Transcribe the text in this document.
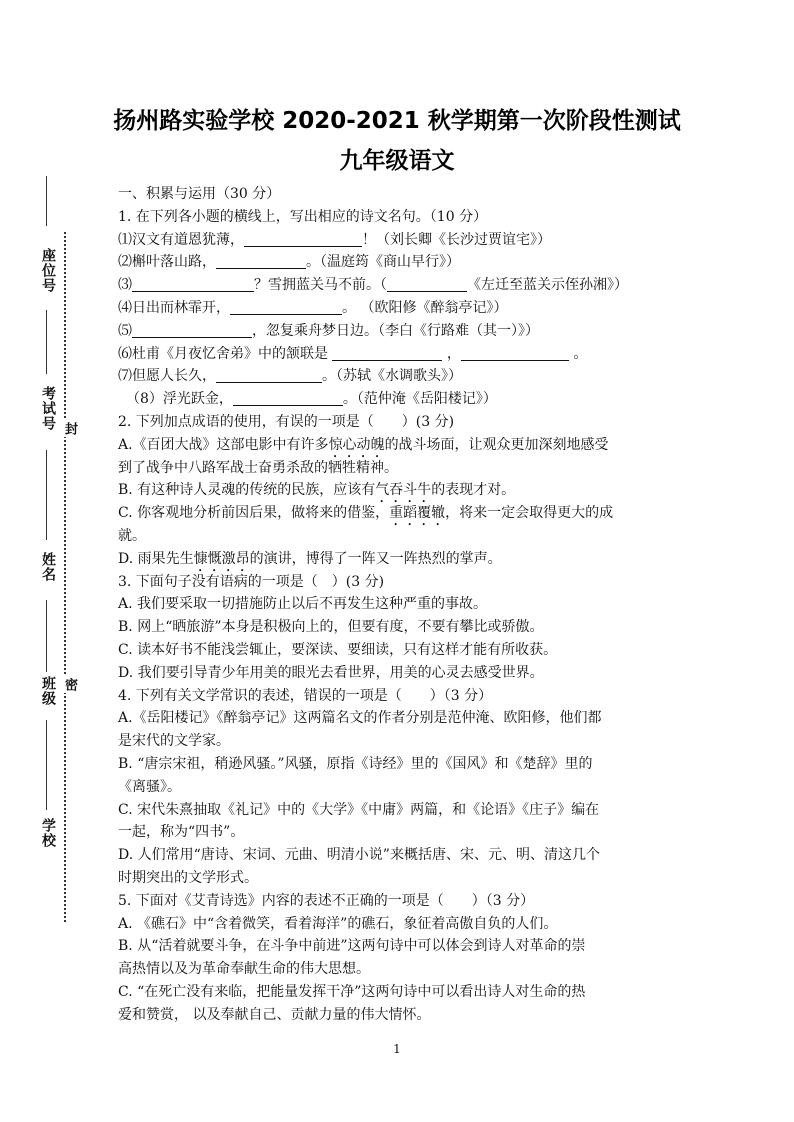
座位号
考试号
姓名
班级
学校
封
密
扬州路实验学校 2020-2021 秋学期第一次阶段性测试
九年级语文
一、积累与运用（30 分）
1. 在下列各小题的横线上，写出相应的诗文名句。（10 分）
⑴汉文有道恩犹薄，	！（刘长卿《长沙过贾谊宅》）
⑵槲叶落山路，	。（温庭筠《商山早行》）
⑶	？雪拥蓝关马不前。（	《左迁至蓝关示侄孙湘》）
⑷日出而林霏开，	。 （欧阳修《醉翁亭记》）
⑸	，忽复乘舟梦日边。（李白《行路难（其一）》）
⑹杜甫《月夜忆舍弟》中的颔联是	，	。
⑺但愿人长久，	。（苏轼《水调歌头》）
（8）浮光跃金，	。（范仲淹《岳阳楼记》）
2. 下列加点成语的使用，有误的一项是（　　）(3 分)
A.《百团大战》这部电影中有许多惊心动魄的战斗场面，让观众更加深刻地感受
到了战争中八路军战士奋勇杀敌的牺牲精神。
B. 有这种诗人灵魂的传统的民族，应该有气吞斗牛的表现才对。
C. 你客观地分析前因后果，做将来的借鉴，重蹈覆辙，将来一定会取得更大的成
就。
D. 雨果先生慷慨激昂的演讲，博得了一阵又一阵热烈的掌声。
3. 下面句子没有语病的一项是（　）(3 分)
A. 我们要采取一切措施防止以后不再发生这种严重的事故。
B. 网上“晒旅游”本身是积极向上的，但要有度，不要有攀比或骄傲。
C. 读本好书不能浅尝辄止，要深读、要细读，只有这样才能有所收获。
D. 我们要引导青少年用美的眼光去看世界，用美的心灵去感受世界。
4. 下列有关文学常识的表述，错误的一项是（　　）（3 分）
A.《岳阳楼记》《醉翁亭记》这两篇名文的作者分别是范仲淹、欧阳修，他们都
是宋代的文学家。
B. “唐宗宋祖，稍逊风骚。”风骚，原指《诗经》里的《国风》和《楚辞》里的
《离骚》。
C. 宋代朱熹抽取《礼记》中的《大学》《中庸》两篇，和《论语》《庄子》编在
一起，称为“四书”。
D. 人们常用“唐诗、宋词、元曲、明清小说”来概括唐、宋、元、明、清这几个
时期突出的文学形式。
5. 下面对《艾青诗选》内容的表述不正确的一项是（　　）（3 分）
A. 《礁石》中“含着微笑，看着海洋”的礁石，象征着高傲自负的人们。
B. 从“活着就要斗争，在斗争中前进”这两句诗中可以体会到诗人对革命的崇
高热情以及为革命奉献生命的伟大思想。
C. “在死亡没有来临，把能量发挥干净”这两句诗中可以看出诗人对生命的热
爱和赞赏， 以及奉献自己、贡献力量的伟大情怀。
1
